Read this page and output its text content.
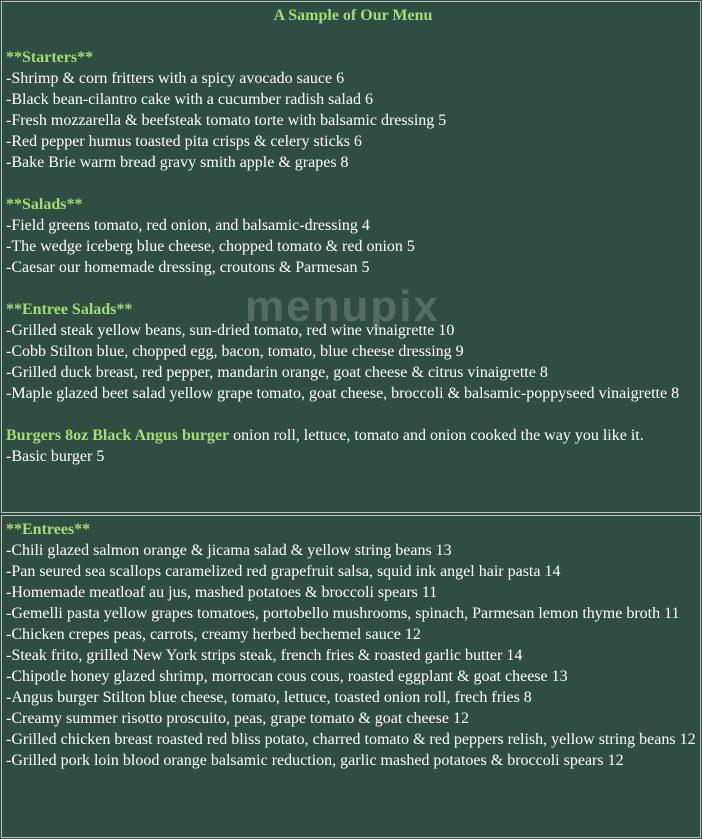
A Sample of Our Menu
**Starters**
-Shrimp & corn fritters with a spicy avocado sauce 6
-Black bean-cilantro cake with a cucumber radish salad 6
-Fresh mozzarella & beefsteak tomato torte with balsamic dressing 5
-Red pepper humus toasted pita crisps & celery sticks 6
-Bake Brie warm bread gravy smith apple & grapes 8
**Salads**
-Field greens tomato, red onion, and balsamic-dressing 4
-The wedge iceberg blue cheese, chopped tomato & red onion 5
-Caesar our homemade dressing, croutons & Parmesan 5
**Entree Salads**
-Grilled steak yellow beans, sun-dried tomato, red wine vinaigrette 10
-Cobb Stilton blue, chopped egg, bacon, tomato, blue cheese dressing 9
-Grilled duck breast, red pepper, mandarin orange, goat cheese & citrus vinaigrette 8
-Maple glazed beet salad yellow grape tomato, goat cheese, broccoli & balsamic-poppyseed vinaigrette 8
Burgers 8oz Black Angus burger onion roll, lettuce, tomato and onion cooked the way you like it.
-Basic burger 5
**Entrees**
-Chili glazed salmon orange & jicama salad & yellow string beans 13
-Pan seured sea scallops caramelized red grapefruit salsa, squid ink angel hair pasta 14
-Homemade meatloaf au jus, mashed potatoes & broccoli spears 11
-Gemelli pasta yellow grapes tomatoes, portobello mushrooms, spinach, Parmesan lemon thyme broth 11
-Chicken crepes peas, carrots, creamy herbed bechemel sauce 12
-Steak frito, grilled New York strips steak, french fries & roasted garlic butter 14
-Chipotle honey glazed shrimp, morrocan cous cous, roasted eggplant & goat cheese 13
-Angus burger Stilton blue cheese, tomato, lettuce, toasted onion roll, frech fries 8
-Creamy summer risotto proscuito, peas, grape tomato & goat cheese 12
-Grilled chicken breast roasted red bliss potato, charred tomato & red peppers relish, yellow string beans 12
-Grilled pork loin blood orange balsamic reduction, garlic mashed potatoes & broccoli spears 12
